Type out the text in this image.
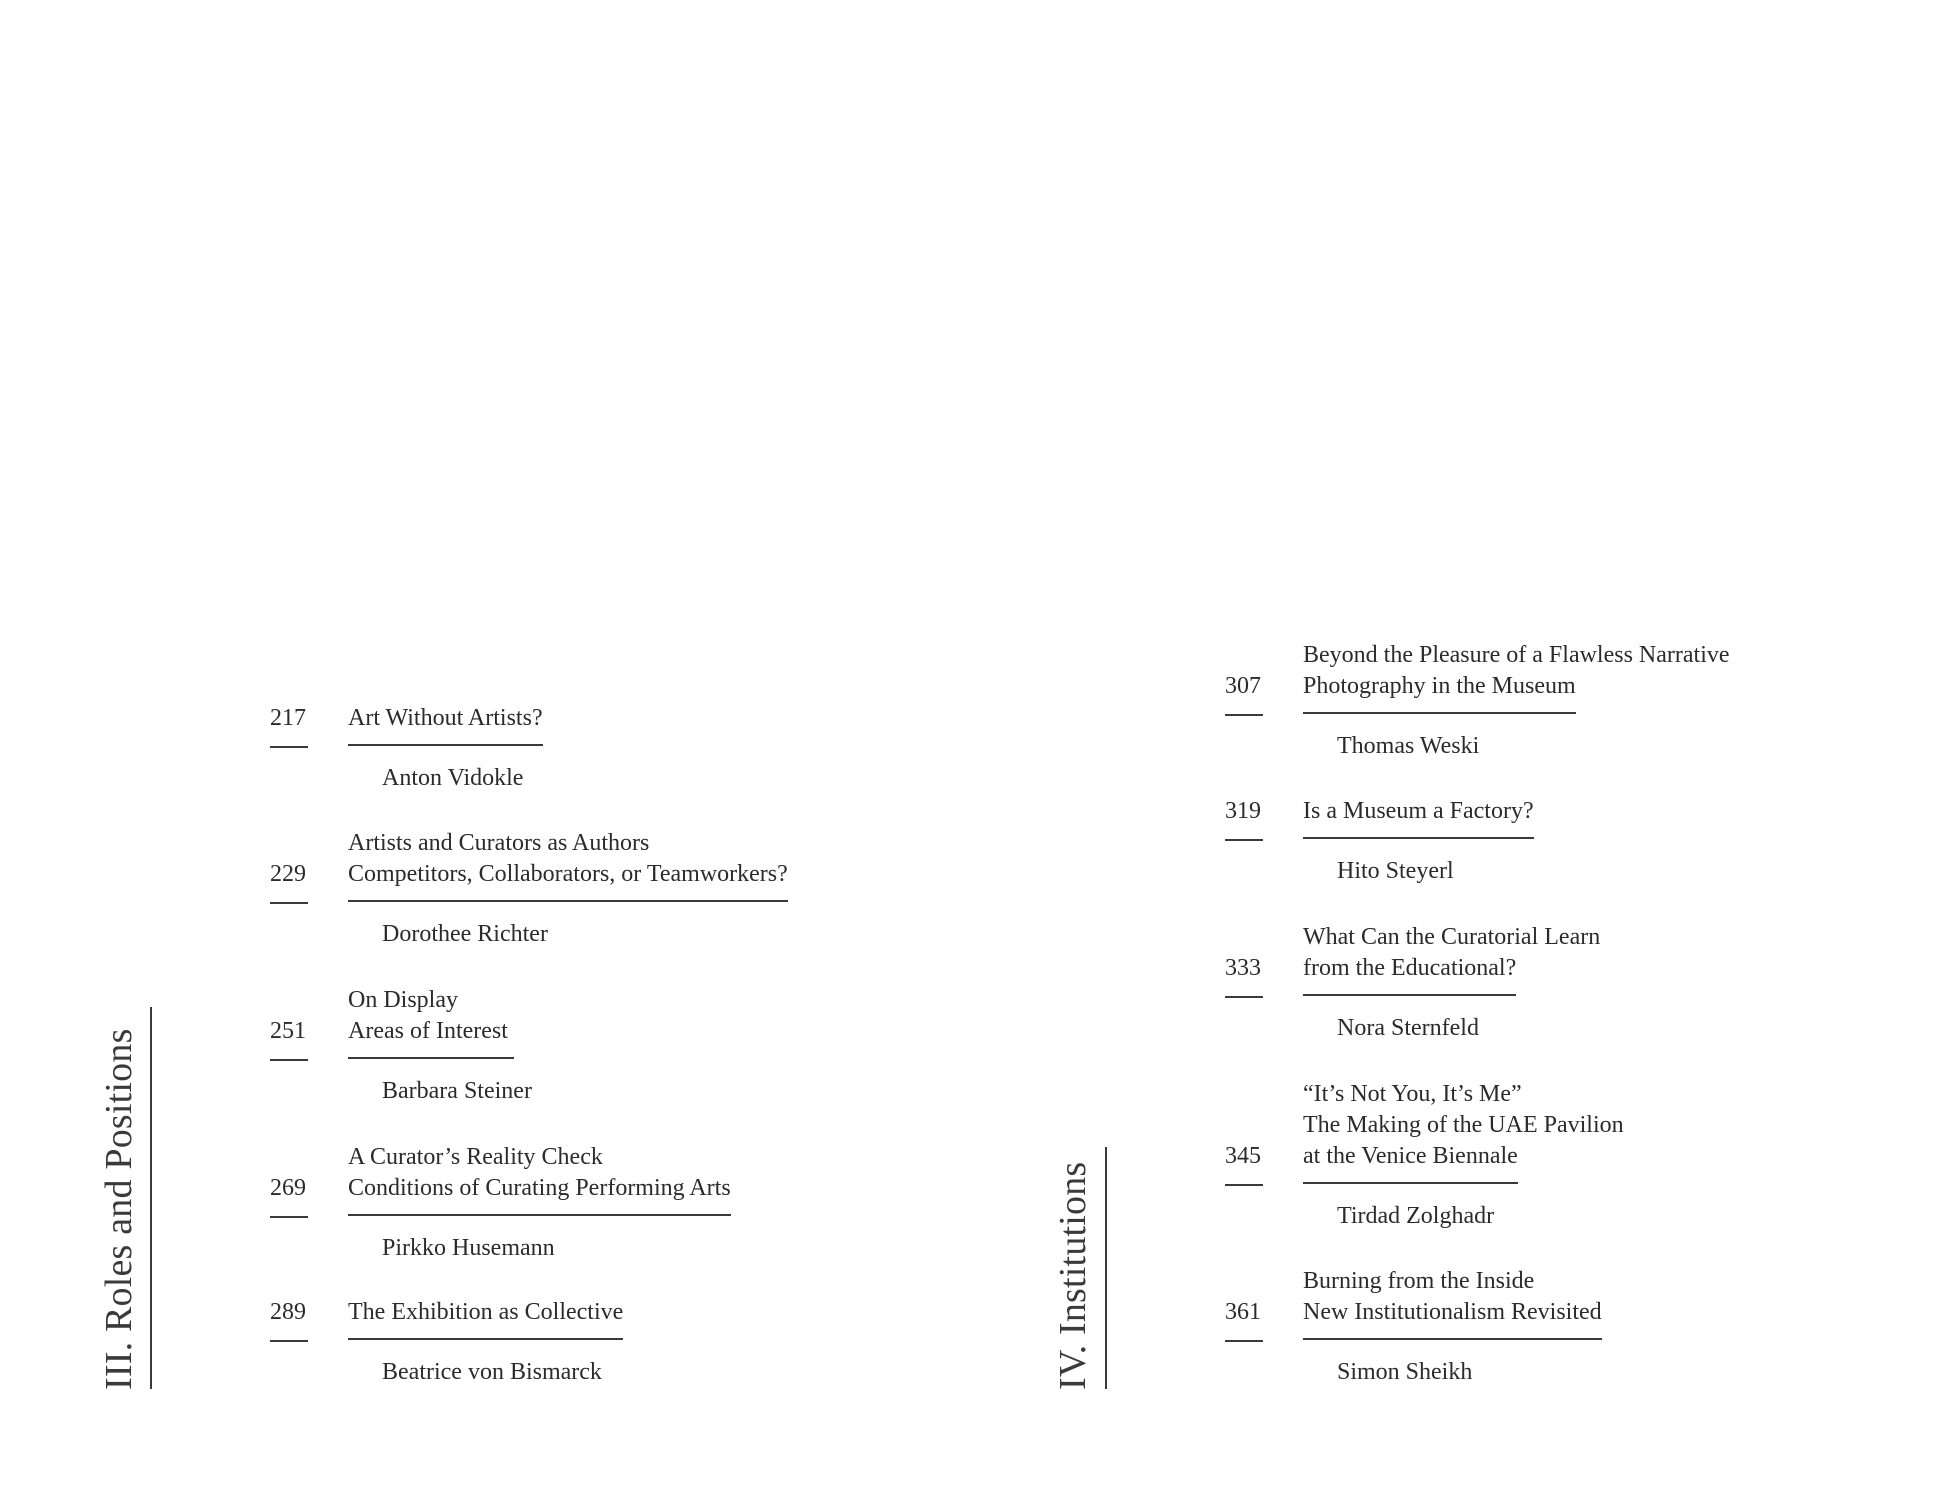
III. Roles and Positions	IV. Institutions
217 Art Without Artists?
Anton Vidokle
229
Artists and Curators as Authors
Competitors, Collaborators, or Teamworkers?
Dorothee Richter
251
On Display
Areas of Interest
Barbara Steiner
269
A Curator’s Reality Check
Conditions of Curating Performing Arts
Pirkko Husemann
289 The Exhibition as Collective
Beatrice von Bismarck
307
Beyond the Pleasure of a Flawless Narrative
Photography in the Museum
Thomas Weski
319 Is a Museum a Factory?
Hito Steyerl
333
What Can the Curatorial Learn
from the Educational?
Nora Sternfeld
345
“It’s Not You, It’s Me”
The Making of the UAE Pavilion
at the Venice Biennale
Tirdad Zolghadr
361
Burning from the Inside
New Institutionalism Revisited
Simon Sheikh
